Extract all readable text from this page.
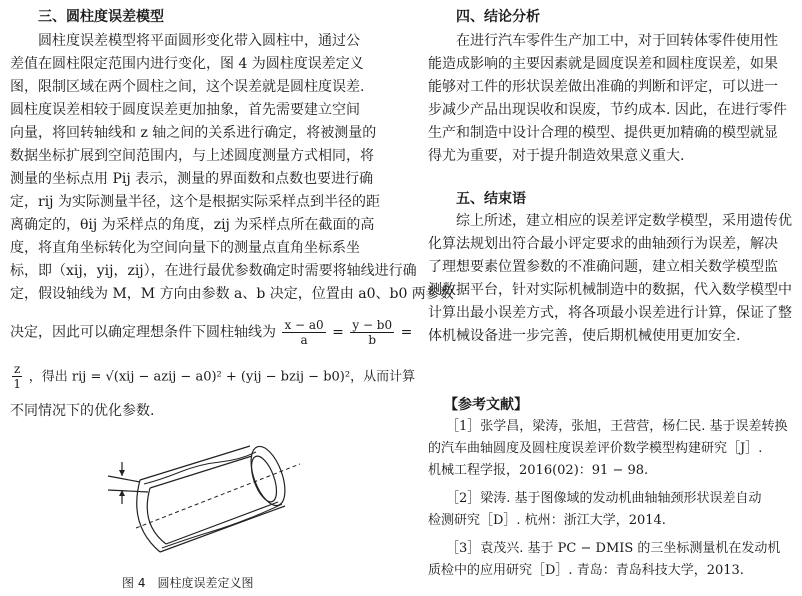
三、圆柱度误差模型
圆柱度误差模型将平面圆形变化带入圆柱中，通过公
差值在圆柱限定范围内进行变化，图 4 为圆柱度误差定义
图，限制区域在两个圆柱之间，这个误差就是圆柱度误差.
圆柱度误差相较于圆度误差更加抽象，首先需要建立空间
向量，将回转轴线和 z 轴之间的关系进行确定，将被测量的
数据坐标扩展到空间范围内，与上述圆度测量方式相同，将
测量的坐标点用 Pij 表示，测量的界面数和点数也要进行确
定，rij 为实际测量半径，这个是根据实际采样点到半径的距
离确定的，θij 为采样点的角度，zij 为采样点所在截面的高
度，将直角坐标转化为空间向量下的测量点直角坐标系坐
标，即（xij，yij，zij），在进行最优参数确定时需要将轴线进行确
定，假设轴线为 M，M 方向由参数 a、b 决定，位置由 a0、b0 两参数
决定，因此可以确定理想条件下圆柱轴线为 $\frac{x - a0}{a} = \frac{y - b0}{b}$ =
$\frac{z}{1}$ ，得出 rij = √(xij − azij − a0)² + (yij − bzij − b0)²，从而计算
不同情况下的优化参数.
图 4　圆柱度误差定义图
四、结论分析
在进行汽车零件生产加工中，对于回转体零件使用性
能造成影响的主要因素就是圆度误差和圆柱度误差，如果
能够对工件的形状误差做出准确的判断和评定，可以进一
步减少产品出现误收和误废，节约成本. 因此，在进行零件
生产和制造中设计合理的模型、提供更加精确的模型就显
得尤为重要，对于提升制造效果意义重大.
五、结束语
综上所述，建立相应的误差评定数学模型，采用遗传优
化算法规划出符合最小评定要求的曲轴颈行为误差，解决
了理想要素位置参数的不准确问题，建立相关数学模型监
测数据平台，针对实际机械制造中的数据，代入数学模型中
计算出最小误差方式，将各项最小误差进行计算，保证了整
体机械设备进一步完善，使后期机械使用更加安全.
【参考文献】
［1］张学昌，梁涛，张旭，王营营，杨仁民. 基于误差转换
的汽车曲轴圆度及圆柱度误差评价数学模型构建研究［J］.
机械工程学报，2016(02)：91 − 98.
［2］梁涛. 基于图像域的发动机曲轴轴颈形状误差自动
检测研究［D］. 杭州：浙江大学，2014.
［3］袁茂兴. 基于 PC − DMIS 的三坐标测量机在发动机
质检中的应用研究［D］. 青岛：青岛科技大学，2013.
